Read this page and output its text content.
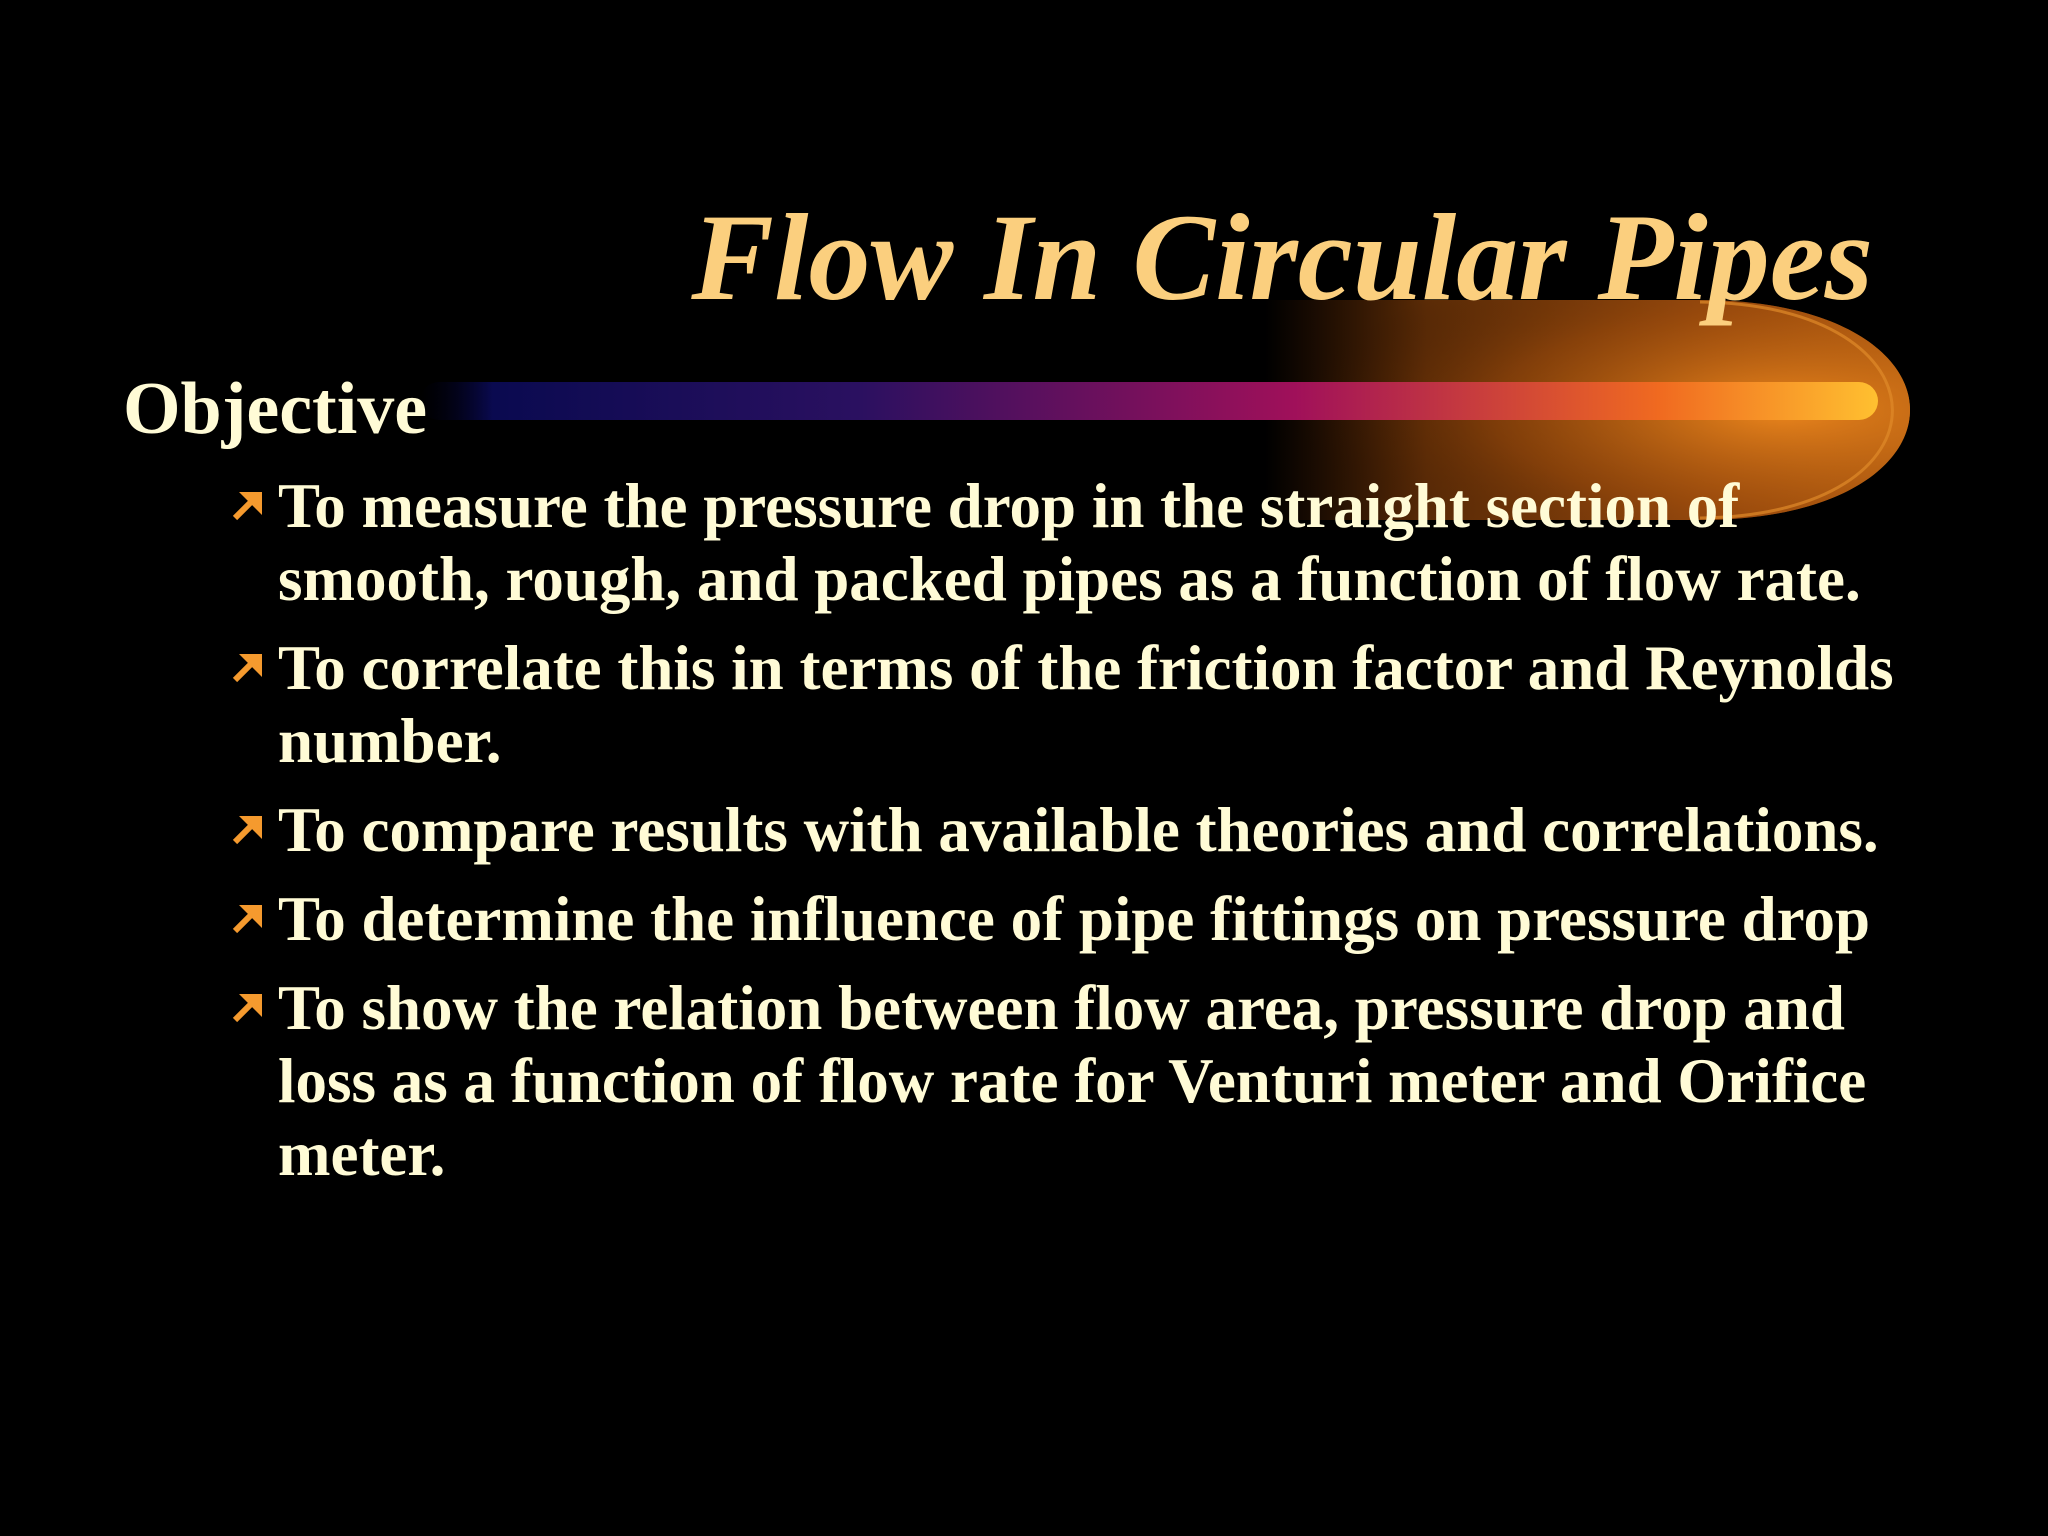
Flow In Circular Pipes
Objective
To measure the pressure drop in the straight section of smooth, rough, and packed pipes as a function of flow rate.
To correlate this in terms of the friction factor and Reynolds number.
To compare results with available theories and correlations.
To determine the influence of pipe fittings on pressure drop
To show the relation between flow area, pressure drop and loss as a function of flow rate for Venturi meter and Orifice meter.
